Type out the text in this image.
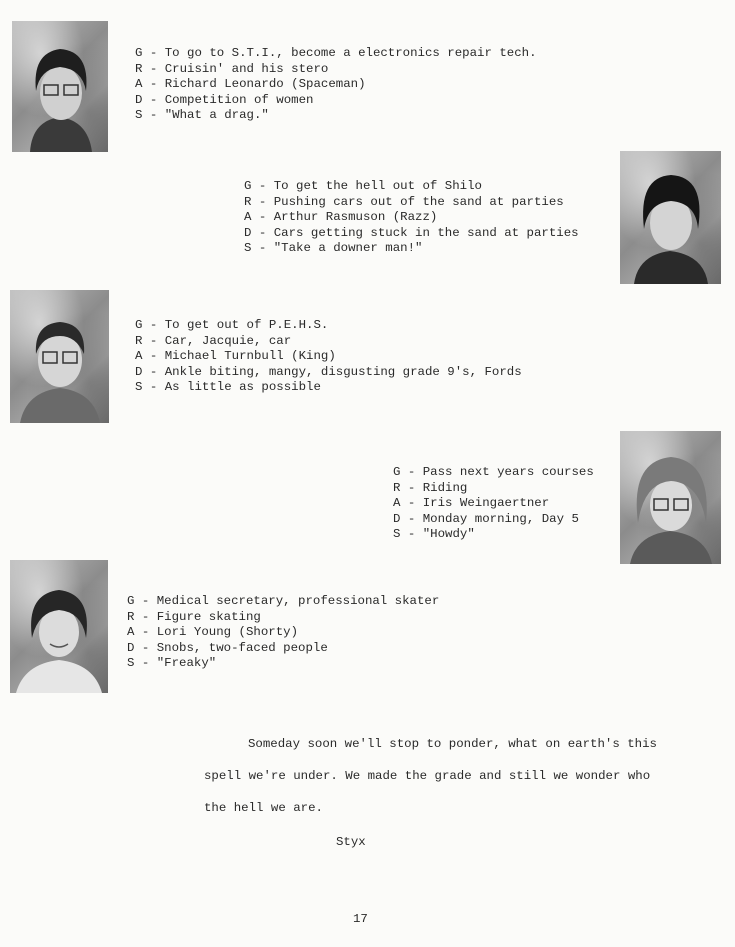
G - To go to S.T.I., become a electronics repair tech.
R - Cruisin' and his stero
A - Richard Leonardo (Spaceman)
D - Competition of women
S - "What a drag."
G - To get the hell out of Shilo
R - Pushing cars out of the sand at parties
A - Arthur Rasmuson (Razz)
D - Cars getting stuck in the sand at parties
S - "Take a downer man!"
G - To get out of P.E.H.S.
R - Car, Jacquie, car
A - Michael Turnbull (King)
D - Ankle biting, mangy, disgusting grade 9's, Fords
S - As little as possible
G - Pass next years courses
R - Riding
A - Iris Weingaertner
D - Monday morning, Day 5
S - "Howdy"
G - Medical secretary, professional skater
R - Figure skating
A - Lori Young (Shorty)
D - Snobs, two-faced people
S - "Freaky"
Someday soon we'll stop to ponder, what on earth's this
spell we're under. We made the grade and still we wonder who
the hell we are.
Styx
17
